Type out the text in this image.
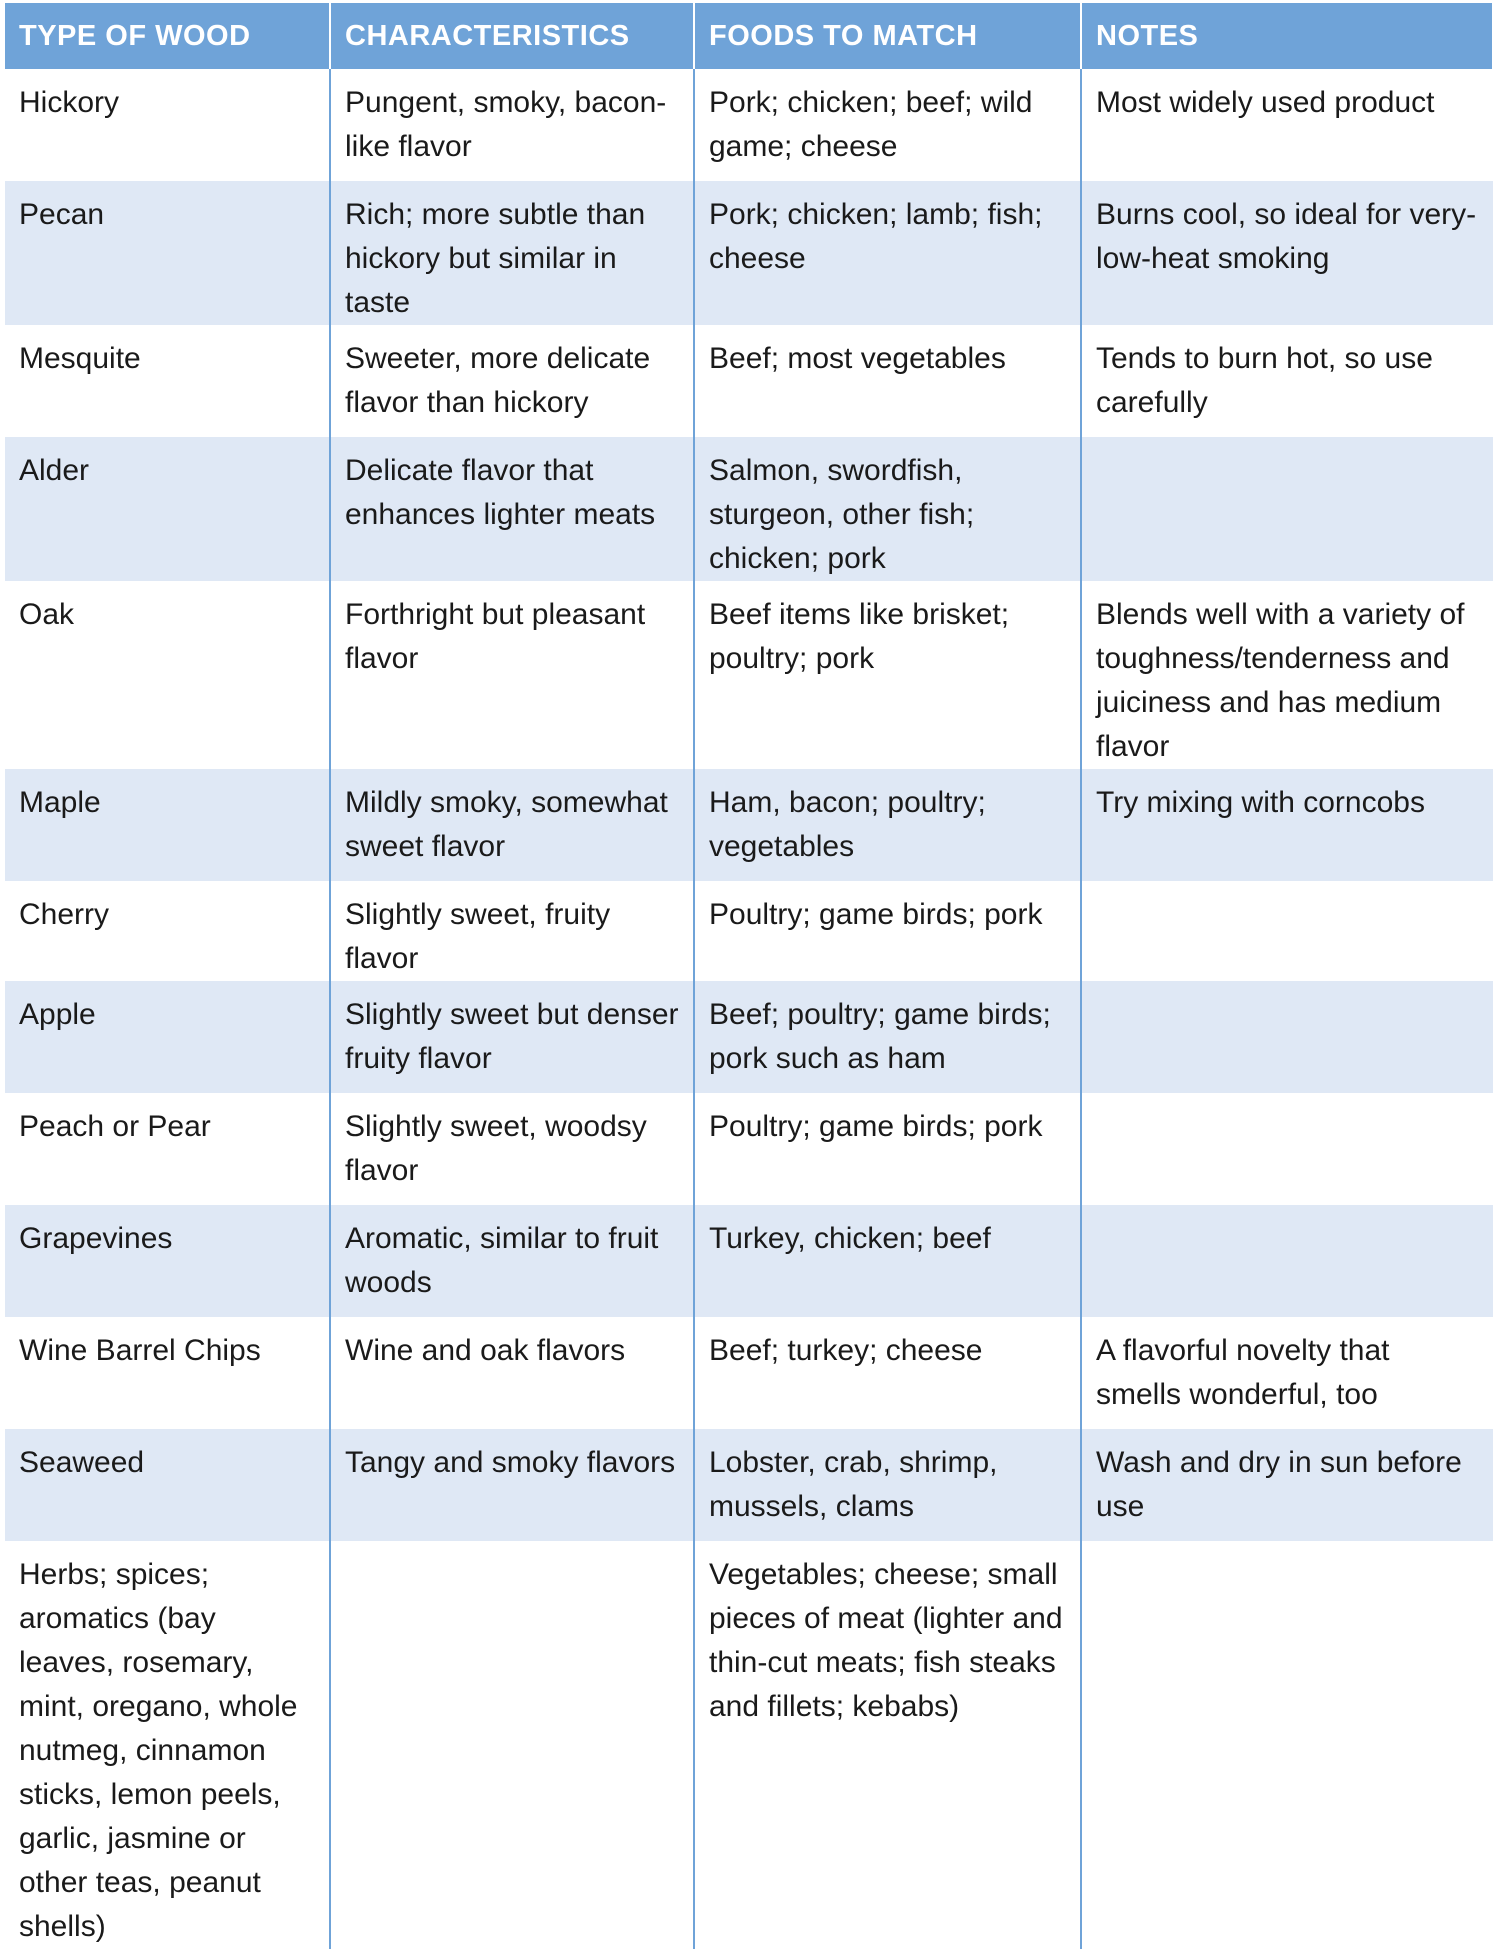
TYPE OF WOOD	CHARACTERISTICS	FOODS TO MATCH	NOTES
Hickory	Pungent, smoky, bacon-like flavor	Pork; chicken; beef; wild game; cheese	Most widely used product
Pecan	Rich; more subtle than hickory but similar in taste	Pork; chicken; lamb; fish; cheese	Burns cool, so ideal for very-low-heat smoking
Mesquite	Sweeter, more delicate flavor than hickory	Beef; most vegetables	Tends to burn hot, so use carefully
Alder	Delicate flavor that enhances lighter meats	Salmon, swordfish, sturgeon, other fish; chicken; pork	
Oak	Forthright but pleasant flavor	Beef items like brisket; poultry; pork	Blends well with a variety of toughness/tenderness and juiciness and has medium flavor
Maple	Mildly smoky, somewhat sweet flavor	Ham, bacon; poultry; vegetables	Try mixing with corncobs
Cherry	Slightly sweet, fruity flavor	Poultry; game birds; pork	
Apple	Slightly sweet but denser fruity flavor	Beef; poultry; game birds; pork such as ham	
Peach or Pear	Slightly sweet, woodsy flavor	Poultry; game birds; pork	
Grapevines	Aromatic, similar to fruit woods	Turkey, chicken; beef	
Wine Barrel Chips	Wine and oak flavors	Beef; turkey; cheese	A flavorful novelty that smells wonderful, too
Seaweed	Tangy and smoky flavors	Lobster, crab, shrimp, mussels, clams	Wash and dry in sun before use
Herbs; spices; aromatics (bay leaves, rosemary, mint, oregano, whole nutmeg, cinnamon sticks, lemon peels, garlic, jasmine or other teas, peanut shells)		Vegetables; cheese; small pieces of meat (lighter and thin-cut meats; fish steaks and fillets; kebabs)	
